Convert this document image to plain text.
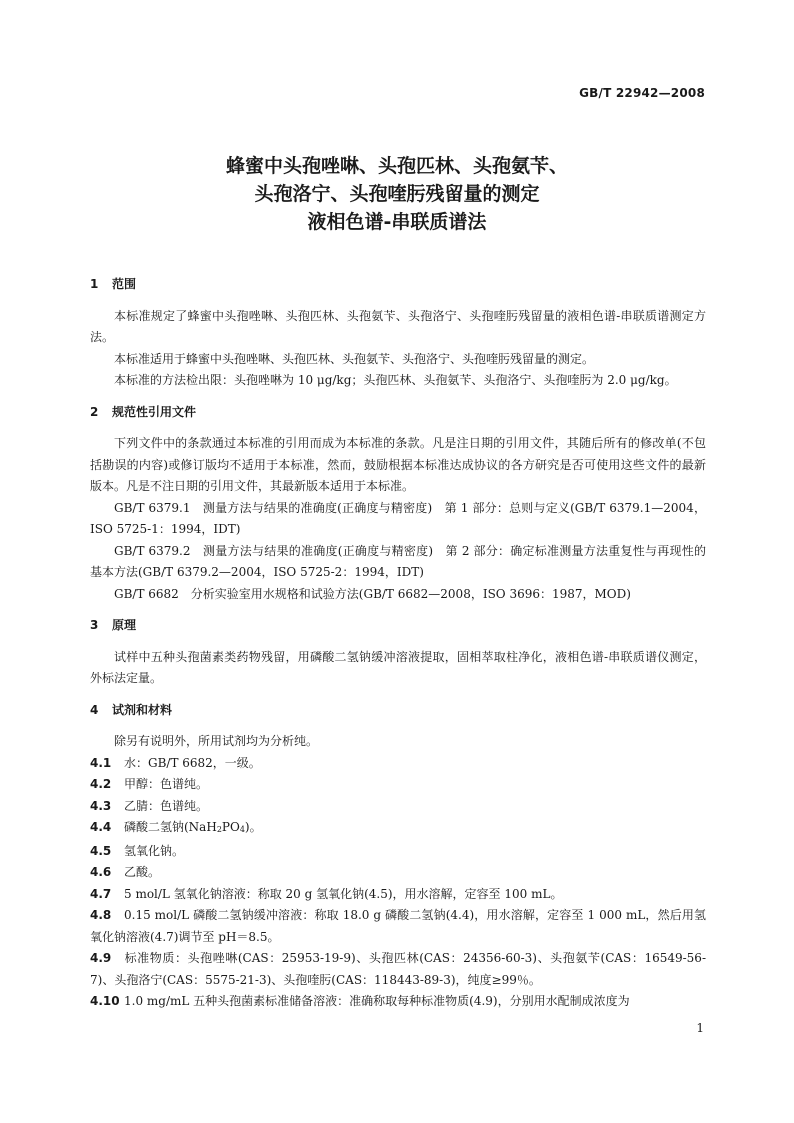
GB/T 22942—2008
蜂蜜中头孢唑啉、头孢匹林、头孢氨苄、
头孢洛宁、头孢喹肟残留量的测定
液相色谱-串联质谱法

1 范围

本标准规定了蜂蜜中头孢唑啉、头孢匹林、头孢氨苄、头孢洛宁、头孢喹肟残留量的液相色谱-串联质谱测定方法。

本标准适用于蜂蜜中头孢唑啉、头孢匹林、头孢氨苄、头孢洛宁、头孢喹肟残留量的测定。

本标准的方法检出限：头孢唑啉为 10 μg/kg；头孢匹林、头孢氨苄、头孢洛宁、头孢喹肟为 2.0 μg/kg。

2 规范性引用文件

下列文件中的条款通过本标准的引用而成为本标准的条款。凡是注日期的引用文件，其随后所有的修改单(不包括勘误的内容)或修订版均不适用于本标准，然而，鼓励根据本标准达成协议的各方研究是否可使用这些文件的最新版本。凡是不注日期的引用文件，其最新版本适用于本标准。

GB/T 6379.1　测量方法与结果的准确度(正确度与精密度)　第 1 部分：总则与定义(GB/T 6379.1—2004，ISO 5725-1：1994，IDT)

GB/T 6379.2　测量方法与结果的准确度(正确度与精密度)　第 2 部分：确定标准测量方法重复性与再现性的基本方法(GB/T 6379.2—2004，ISO 5725-2：1994，IDT)

GB/T 6682　分析实验室用水规格和试验方法(GB/T 6682—2008，ISO 3696：1987，MOD)

3 原理

试样中五种头孢菌素类药物残留，用磷酸二氢钠缓冲溶液提取，固相萃取柱净化，液相色谱-串联质谱仪测定，外标法定量。

4 试剂和材料

除另有说明外，所用试剂均为分析纯。

4.1 水：GB/T 6682，一级。

4.2 甲醇：色谱纯。

4.3 乙腈：色谱纯。

4.4 磷酸二氢钠$(NaH_2PO_4)$。

4.5 氢氧化钠。

4.6 乙酸。

4.7 5 mol/L 氢氧化钠溶液：称取 20 g 氢氧化钠(4.5)，用水溶解，定容至 100 mL。

4.8 0.15 mol/L 磷酸二氢钠缓冲溶液：称取 18.0 g 磷酸二氢钠(4.4)，用水溶解，定容至 1 000 mL，然后用氢氧化钠溶液(4.7)调节至 pH＝8.5。

4.9 标准物质：头孢唑啉(CAS：25953-19-9)、头孢匹林(CAS：24356-60-3)、头孢氨苄(CAS：16549-56-7)、头孢洛宁(CAS：5575-21-3)、头孢喹肟(CAS：118443-89-3)，纯度≥99％。

4.10 1.0 mg/mL 五种头孢菌素标准储备溶液：准确称取每种标准物质(4.9)，分别用水配制成浓度为

1
